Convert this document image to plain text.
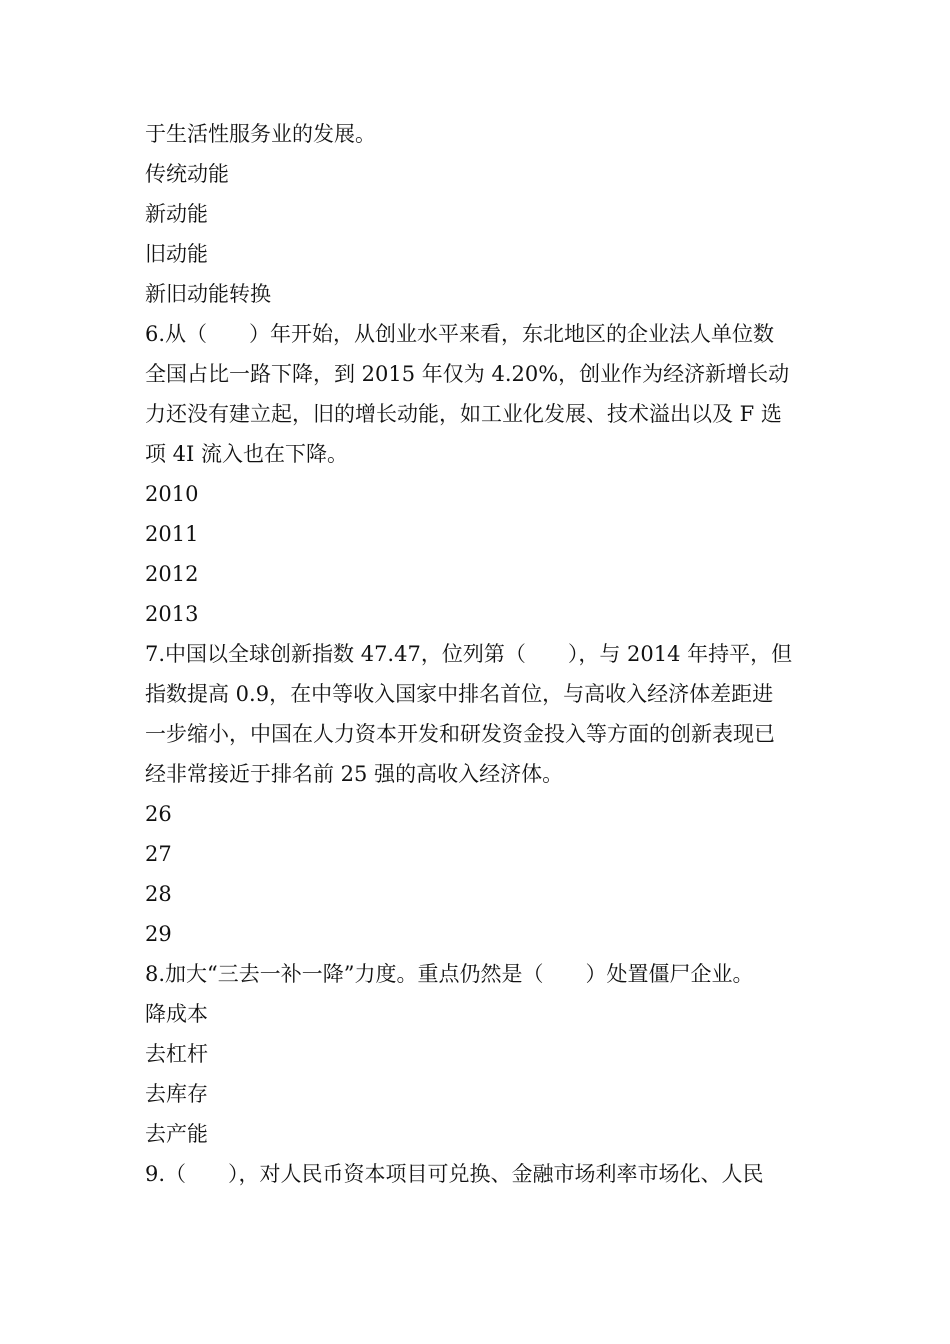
于生活性服务业的发展。
传统动能
新动能
旧动能
新旧动能转换
6.从（　　）年开始，从创业水平来看，东北地区的企业法人单位数
全国占比一路下降，到 2015 年仅为 4.20%，创业作为经济新增长动
力还没有建立起，旧的增长动能，如工业化发展、技术溢出以及 F 选
项 4I 流入也在下降。
2010
2011
2012
2013
7.中国以全球创新指数 47.47，位列第（　　），与 2014 年持平，但
指数提高 0.9，在中等收入国家中排名首位，与高收入经济体差距进
一步缩小，中国在人力资本开发和研发资金投入等方面的创新表现已
经非常接近于排名前 25 强的高收入经济体。
26
27
28
29
8.加大“三去一补一降”力度。重点仍然是（　　）处置僵尸企业。
降成本
去杠杆
去库存
去产能
9.（　　），对人民币资本项目可兑换、金融市场利率市场化、人民
